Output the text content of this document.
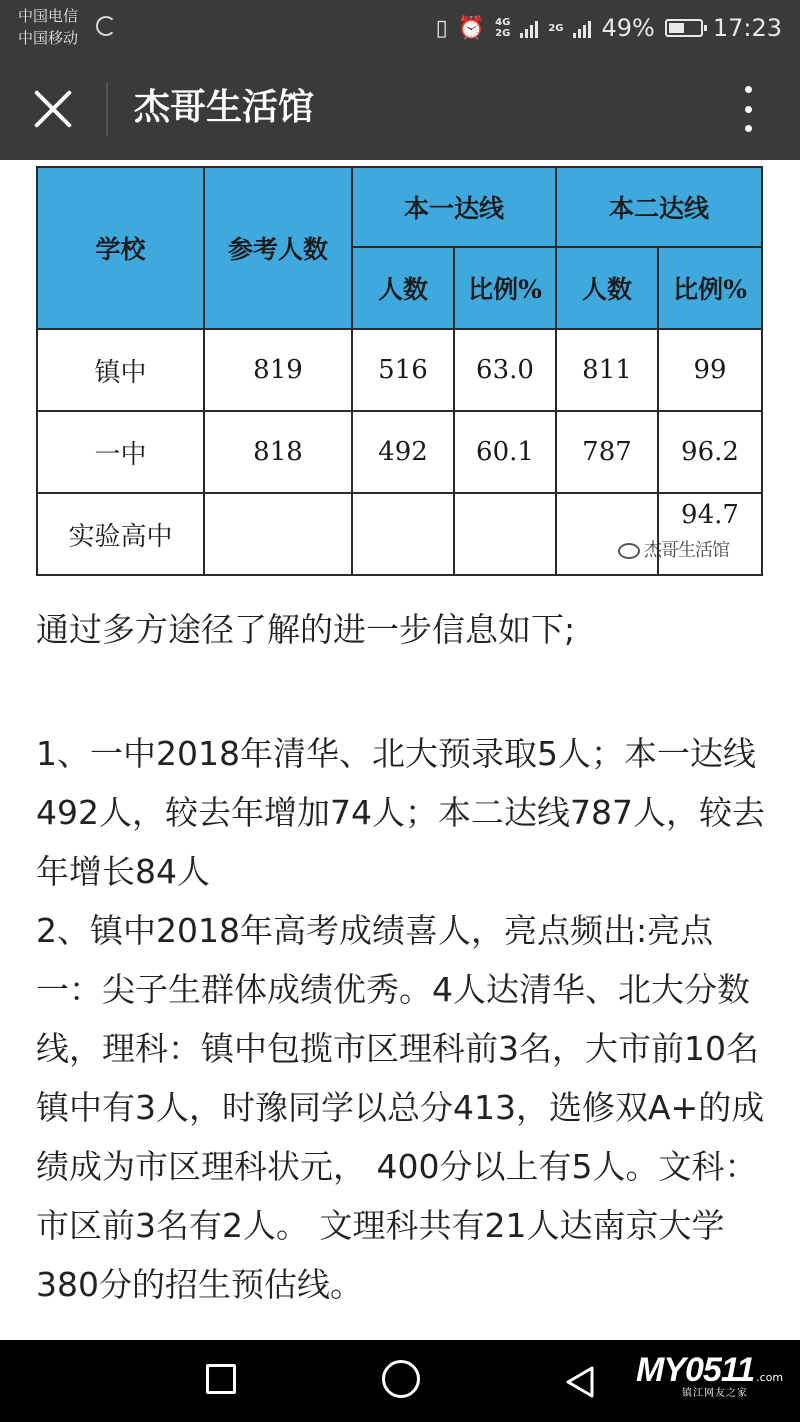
中国电信
中国移动	▯ ⏰ 4G
2G	2G 49% 17:23
杰哥生活馆
学校	参考人数	本一达线		本二达线	
		人数	比例%	人数	比例%
镇中	819	516	63.0	811	99
一中	818	492	60.1	787	96.2
实验高中					94.7
杰哥生活馆

通过多方途径了解的进一步信息如下;

1、一中2018年清华、北大预录取5人；本一达线492人，较去年增加74人；本二达线787人，较去年增长84人
2、镇中2018年高考成绩喜人，亮点频出:亮点一：尖子生群体成绩优秀。4人达清华、北大分数线，理科：镇中包揽市区理科前3名，大市前10名镇中有3人，时豫同学以总分413，选修双A+的成绩成为市区理科状元， 400分以上有5人。文科：市区前3名有2人。 文理科共有21人达南京大学380分的招生预估线。

MY0511 .com
镇江网友之家
